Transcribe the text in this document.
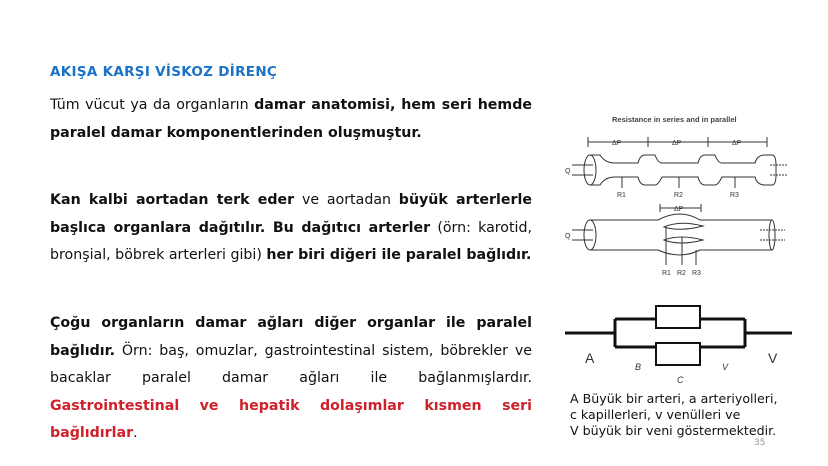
AKIŞA KARŞI VİSKOZ DİRENÇ
Tüm vücut ya da organların damar anatomisi, hem seri hemde paralel damar komponentlerinden oluşmuştur.
Kan kalbi aortadan terk eder ve aortadan büyük arterlerle başlıca organlara dağıtılır. Bu dağıtıcı arterler (örn: karotid, bronşial, böbrek arterleri gibi) her biri diğeri ile paralel bağlıdır.
Çoğu organların damar ağları diğer organlar ile paralel bağlıdır. Örn: baş, omuzlar, gastrointestinal sistem, böbrekler ve bacaklar paralel damar ağları ile bağlanmışlardır. Gastrointestinal ve hepatik dolaşımlar kısmen seri bağlıdırlar.
Resistance in series and in parallel
ΔP	ΔP	ΔP
Q
R1	R2	R3
ΔP
Q
R1 R2 R3
A
B
C
V
V
A Büyük bir arteri, a arteriyolleri,
c kapillerleri, v venülleri ve
V büyük bir veni göstermektedir.
35
